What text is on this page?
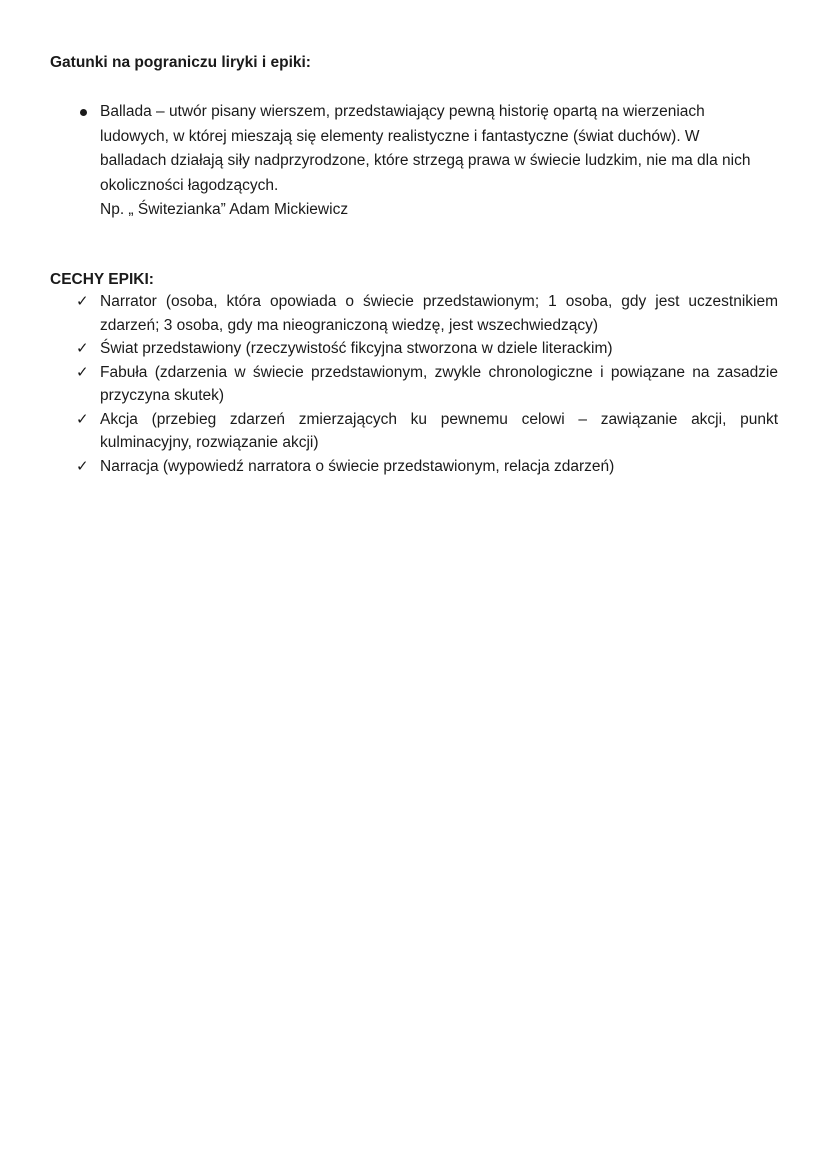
Gatunki na pograniczu liryki i epiki:
Ballada – utwór pisany wierszem, przedstawiający pewną historię opartą na wierzeniach ludowych, w której mieszają się elementy realistyczne i fantastyczne (świat duchów). W balladach działają siły nadprzyrodzone, które strzegą prawa w świecie ludzkim, nie ma dla nich okoliczności łagodzących.
Np. „ Świtezianka” Adam Mickiewicz
CECHY EPIKI:
✓ Narrator (osoba, która opowiada o świecie przedstawionym; 1 osoba, gdy jest uczestnikiem zdarzeń; 3 osoba, gdy ma nieograniczoną wiedzę, jest wszechwiedzący)
✓ Świat przedstawiony (rzeczywistość fikcyjna stworzona w dziele literackim)
✓ Fabuła (zdarzenia w świecie przedstawionym, zwykle chronologiczne i powiązane na zasadzie przyczyna skutek)
✓ Akcja (przebieg zdarzeń zmierzających ku pewnemu celowi – zawiązanie akcji, punkt kulminacyjny, rozwiązanie akcji)
✓ Narracja (wypowiedź narratora o świecie przedstawionym, relacja zdarzeń)
